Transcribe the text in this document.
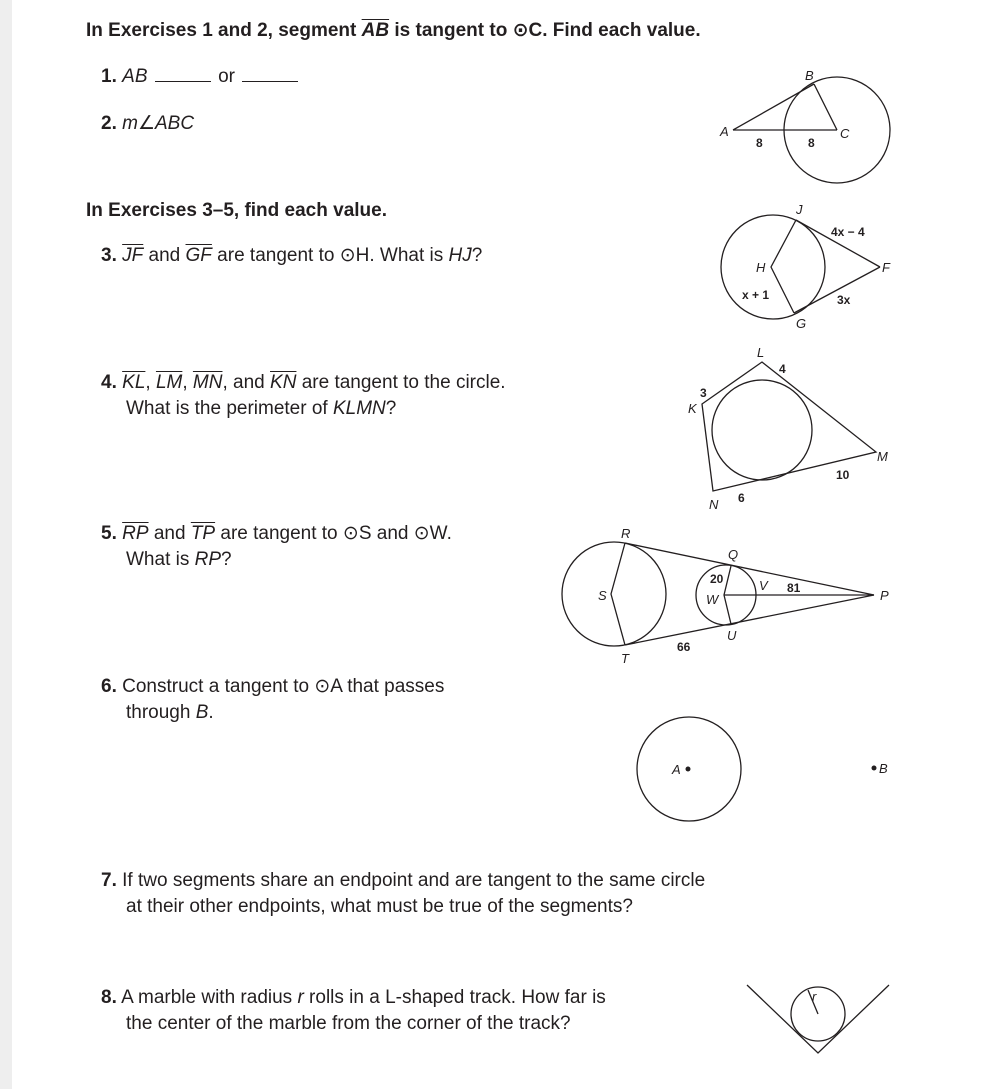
In Exercises 1 and 2, segment $\overline{AB}$ is tangent to ⊙C. Find each value.
1. AB	or
2. m∠ABC
In Exercises 3–5, find each value.
3. $\overline{JF}$ and $\overline{GF}$ are tangent to ⊙H. What is HJ?
4. $\overline{KL}$, $\overline{LM}$, $\overline{MN}$, and $\overline{KN}$ are tangent to the circle.
What is the perimeter of KLMN?
5. $\overline{RP}$ and $\overline{TP}$ are tangent to ⊙S and ⊙W.
What is RP?
6. Construct a tangent to ⊙A that passes
through B.
7. If two segments share an endpoint and are tangent to the same circle
at their other endpoints, what must be true of the segments?
8. A marble with radius r rolls in a L-shaped track. How far is
the center of the marble from the corner of the track?
A
B
C
8	8
J
H	F
G
4x − 4
x + 1	3x
L
K
M
N
3
4
10
6
R
S
T
Q
W
U
V
P
20
81
66
A	B
r
